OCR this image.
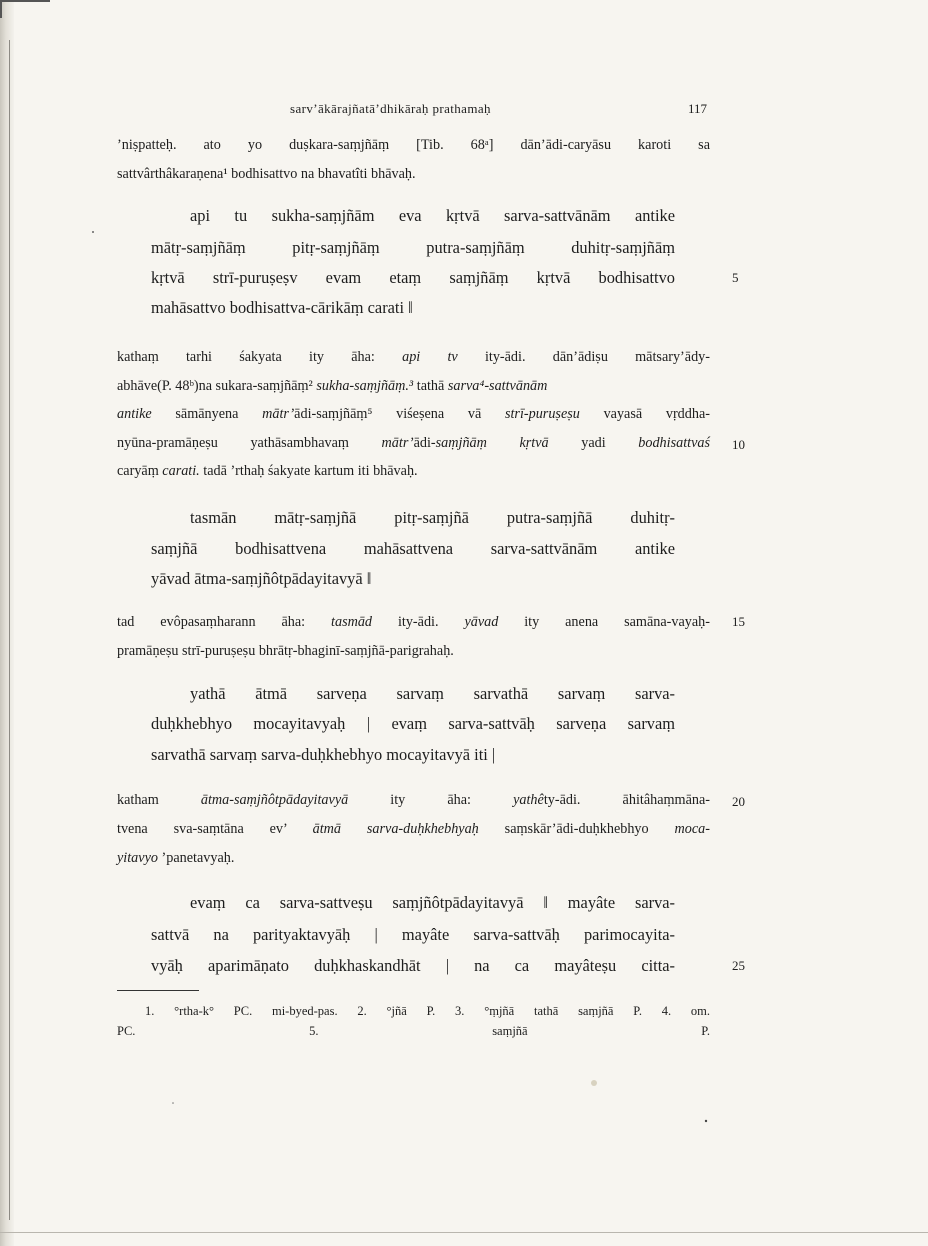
sarv’ākārajñatā’dhikāraḥ prathamaḥ	117
’niṣpatteḥ. ato yo duṣkara-saṃjñāṃ [Tib. 68ᵃ] dān’ādi-caryāsu karoti sa
sattvârthâkaraṇena¹ bodhisattvo na bhavatîti bhāvaḥ.
api tu sukha-saṃjñām eva kṛtvā sarva-sattvānām antike
mātṛ-saṃjñāṃ pitṛ-saṃjñāṃ putra-saṃjñāṃ duhitṛ-saṃjñāṃ
kṛtvā strī-puruṣeṣv evam etaṃ saṃjñāṃ kṛtvā bodhisattvo
mahāsattvo bodhisattva-cārikāṃ carati ‖
5
kathaṃ tarhi śakyata ity āha: api tv ity-ādi. dān’ādiṣu mātsary’ādy-
abhāve(P. 48ᵇ)na sukara-saṃjñāṃ² sukha-saṃjñāṃ.³ tathā sarva⁴-sattvānām
antike sāmānyena mātr’ādi-saṃjñāṃ⁵ viśeṣena vā strī-puruṣeṣu vayasā vṛddha-
nyūna-pramāṇeṣu yathāsambhavaṃ mātr’ādi-saṃjñāṃ kṛtvā yadi bodhisattvaś
caryāṃ carati. tadā ’rthaḥ śakyate kartum iti bhāvaḥ.
10
tasmān mātṛ-saṃjñā pitṛ-saṃjñā putra-saṃjñā duhitṛ-
saṃjñā bodhisattvena mahāsattvena sarva-sattvānām antike
yāvad ātma-saṃjñôtpādayitavyā ‖
tad evôpasaṃharann āha: tasmād ity-ādi. yāvad ity anena samāna-vayaḥ-
pramāṇeṣu strī-puruṣeṣu bhrātṛ-bhaginī-saṃjñā-parigrahaḥ.
15
yathā ātmā sarveṇa sarvaṃ sarvathā sarvaṃ sarva-
duḥkhebhyo mocayitavyaḥ | evaṃ sarva-sattvāḥ sarveṇa sarvaṃ
sarvathā sarvaṃ sarva-duḥkhebhyo mocayitavyā iti |
katham ātma-saṃjñôtpādayitavyā ity āha: yathêty-ādi. āhitâhaṃmāna-
tvena sva-saṃtāna ev’ ātmā sarva-duḥkhebhyaḥ saṃskār’ādi-duḥkhebhyo moca-
yitavyo ’panetavyaḥ.
20
evaṃ ca sarva-sattveṣu saṃjñôtpādayitavyā ‖ mayâte sarva-
sattvā na parityaktavyāḥ | mayâte sarva-sattvāḥ parimocayita-
vyāḥ aparimāṇato duḥkhaskandhāt | na ca mayâteṣu citta-	25
1. °rtha-k° PC. mi-byed-pas. 2. °jñā P. 3. °ṃjñā tathā saṃjñā P. 4. om.
PC. 5. saṃjñā P.
